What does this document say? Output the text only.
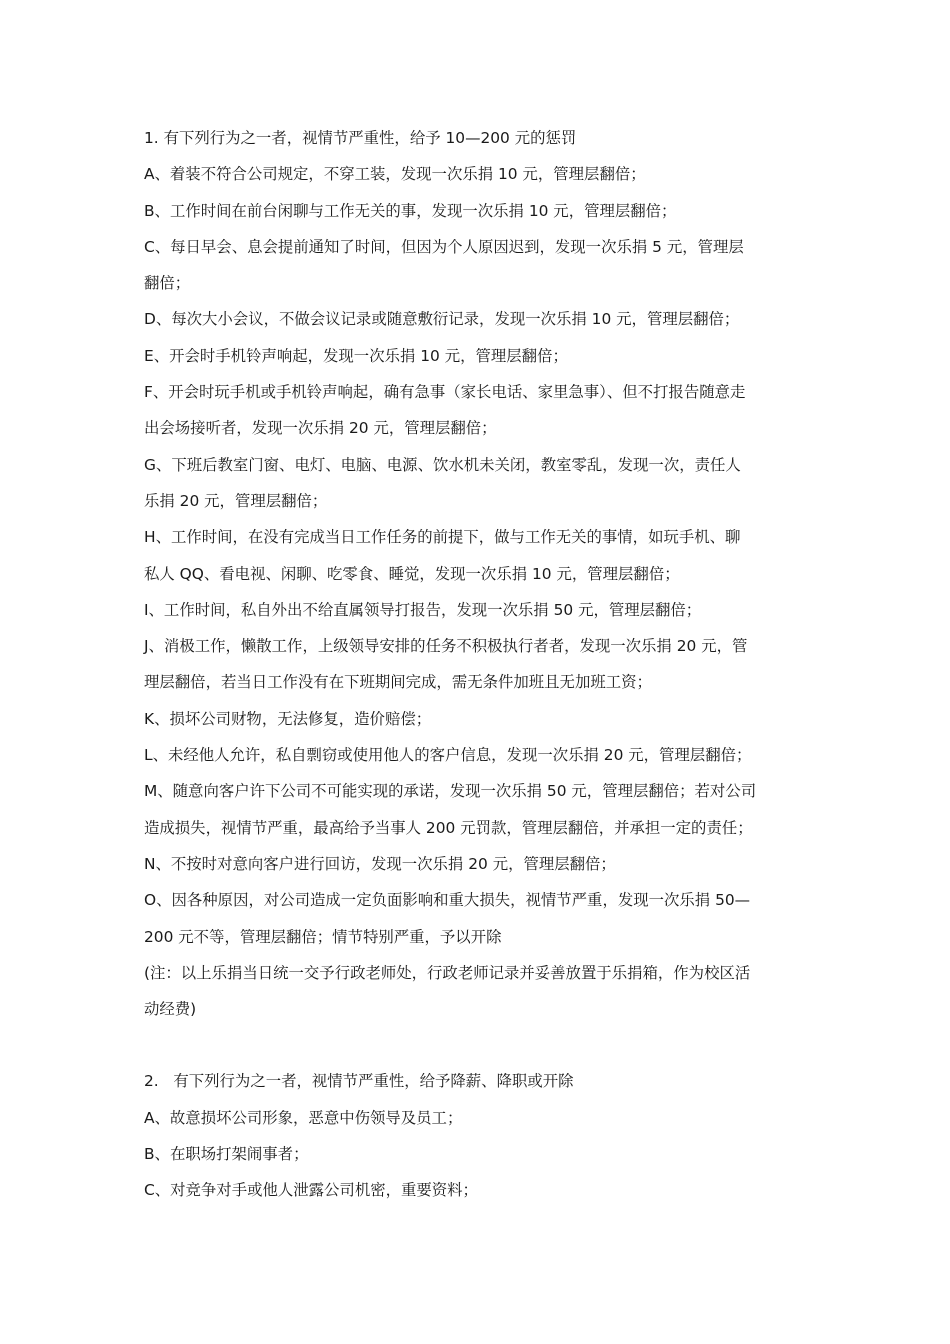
1. 有下列行为之一者，视情节严重性，给予 10—200 元的惩罚
A、着装不符合公司规定，不穿工装，发现一次乐捐 10 元，管理层翻倍；
B、工作时间在前台闲聊与工作无关的事，发现一次乐捐 10 元，管理层翻倍；
C、每日早会、息会提前通知了时间，但因为个人原因迟到，发现一次乐捐 5 元，管理层
翻倍；
D、每次大小会议，不做会议记录或随意敷衍记录，发现一次乐捐 10 元，管理层翻倍；
E、开会时手机铃声响起，发现一次乐捐 10 元，管理层翻倍；
F、开会时玩手机或手机铃声响起，确有急事（家长电话、家里急事）、但不打报告随意走
出会场接听者，发现一次乐捐 20 元，管理层翻倍；
G、下班后教室门窗、电灯、电脑、电源、饮水机未关闭，教室零乱，发现一次，责任人
乐捐 20 元，管理层翻倍；
H、工作时间，在没有完成当日工作任务的前提下，做与工作无关的事情，如玩手机、聊
私人 QQ、看电视、闲聊、吃零食、睡觉，发现一次乐捐 10 元，管理层翻倍；
I、工作时间，私自外出不给直属领导打报告，发现一次乐捐 50 元，管理层翻倍；
J、消极工作，懒散工作，上级领导安排的任务不积极执行者者，发现一次乐捐 20 元，管
理层翻倍，若当日工作没有在下班期间完成，需无条件加班且无加班工资；
K、损坏公司财物，无法修复，造价赔偿；
L、未经他人允许，私自剽窃或使用他人的客户信息，发现一次乐捐 20 元，管理层翻倍；
M、随意向客户许下公司不可能实现的承诺，发现一次乐捐 50 元，管理层翻倍；若对公司
造成损失，视情节严重，最高给予当事人 200 元罚款，管理层翻倍，并承担一定的责任；
N、不按时对意向客户进行回访，发现一次乐捐 20 元，管理层翻倍；
O、因各种原因，对公司造成一定负面影响和重大损失，视情节严重，发现一次乐捐 50—
200 元不等，管理层翻倍；情节特别严重，予以开除
(注：以上乐捐当日统一交予行政老师处，行政老师记录并妥善放置于乐捐箱，作为校区活
动经费)
2.   有下列行为之一者，视情节严重性，给予降薪、降职或开除
A、故意损坏公司形象，恶意中伤领导及员工；
B、在职场打架闹事者；
C、对竞争对手或他人泄露公司机密，重要资料；
